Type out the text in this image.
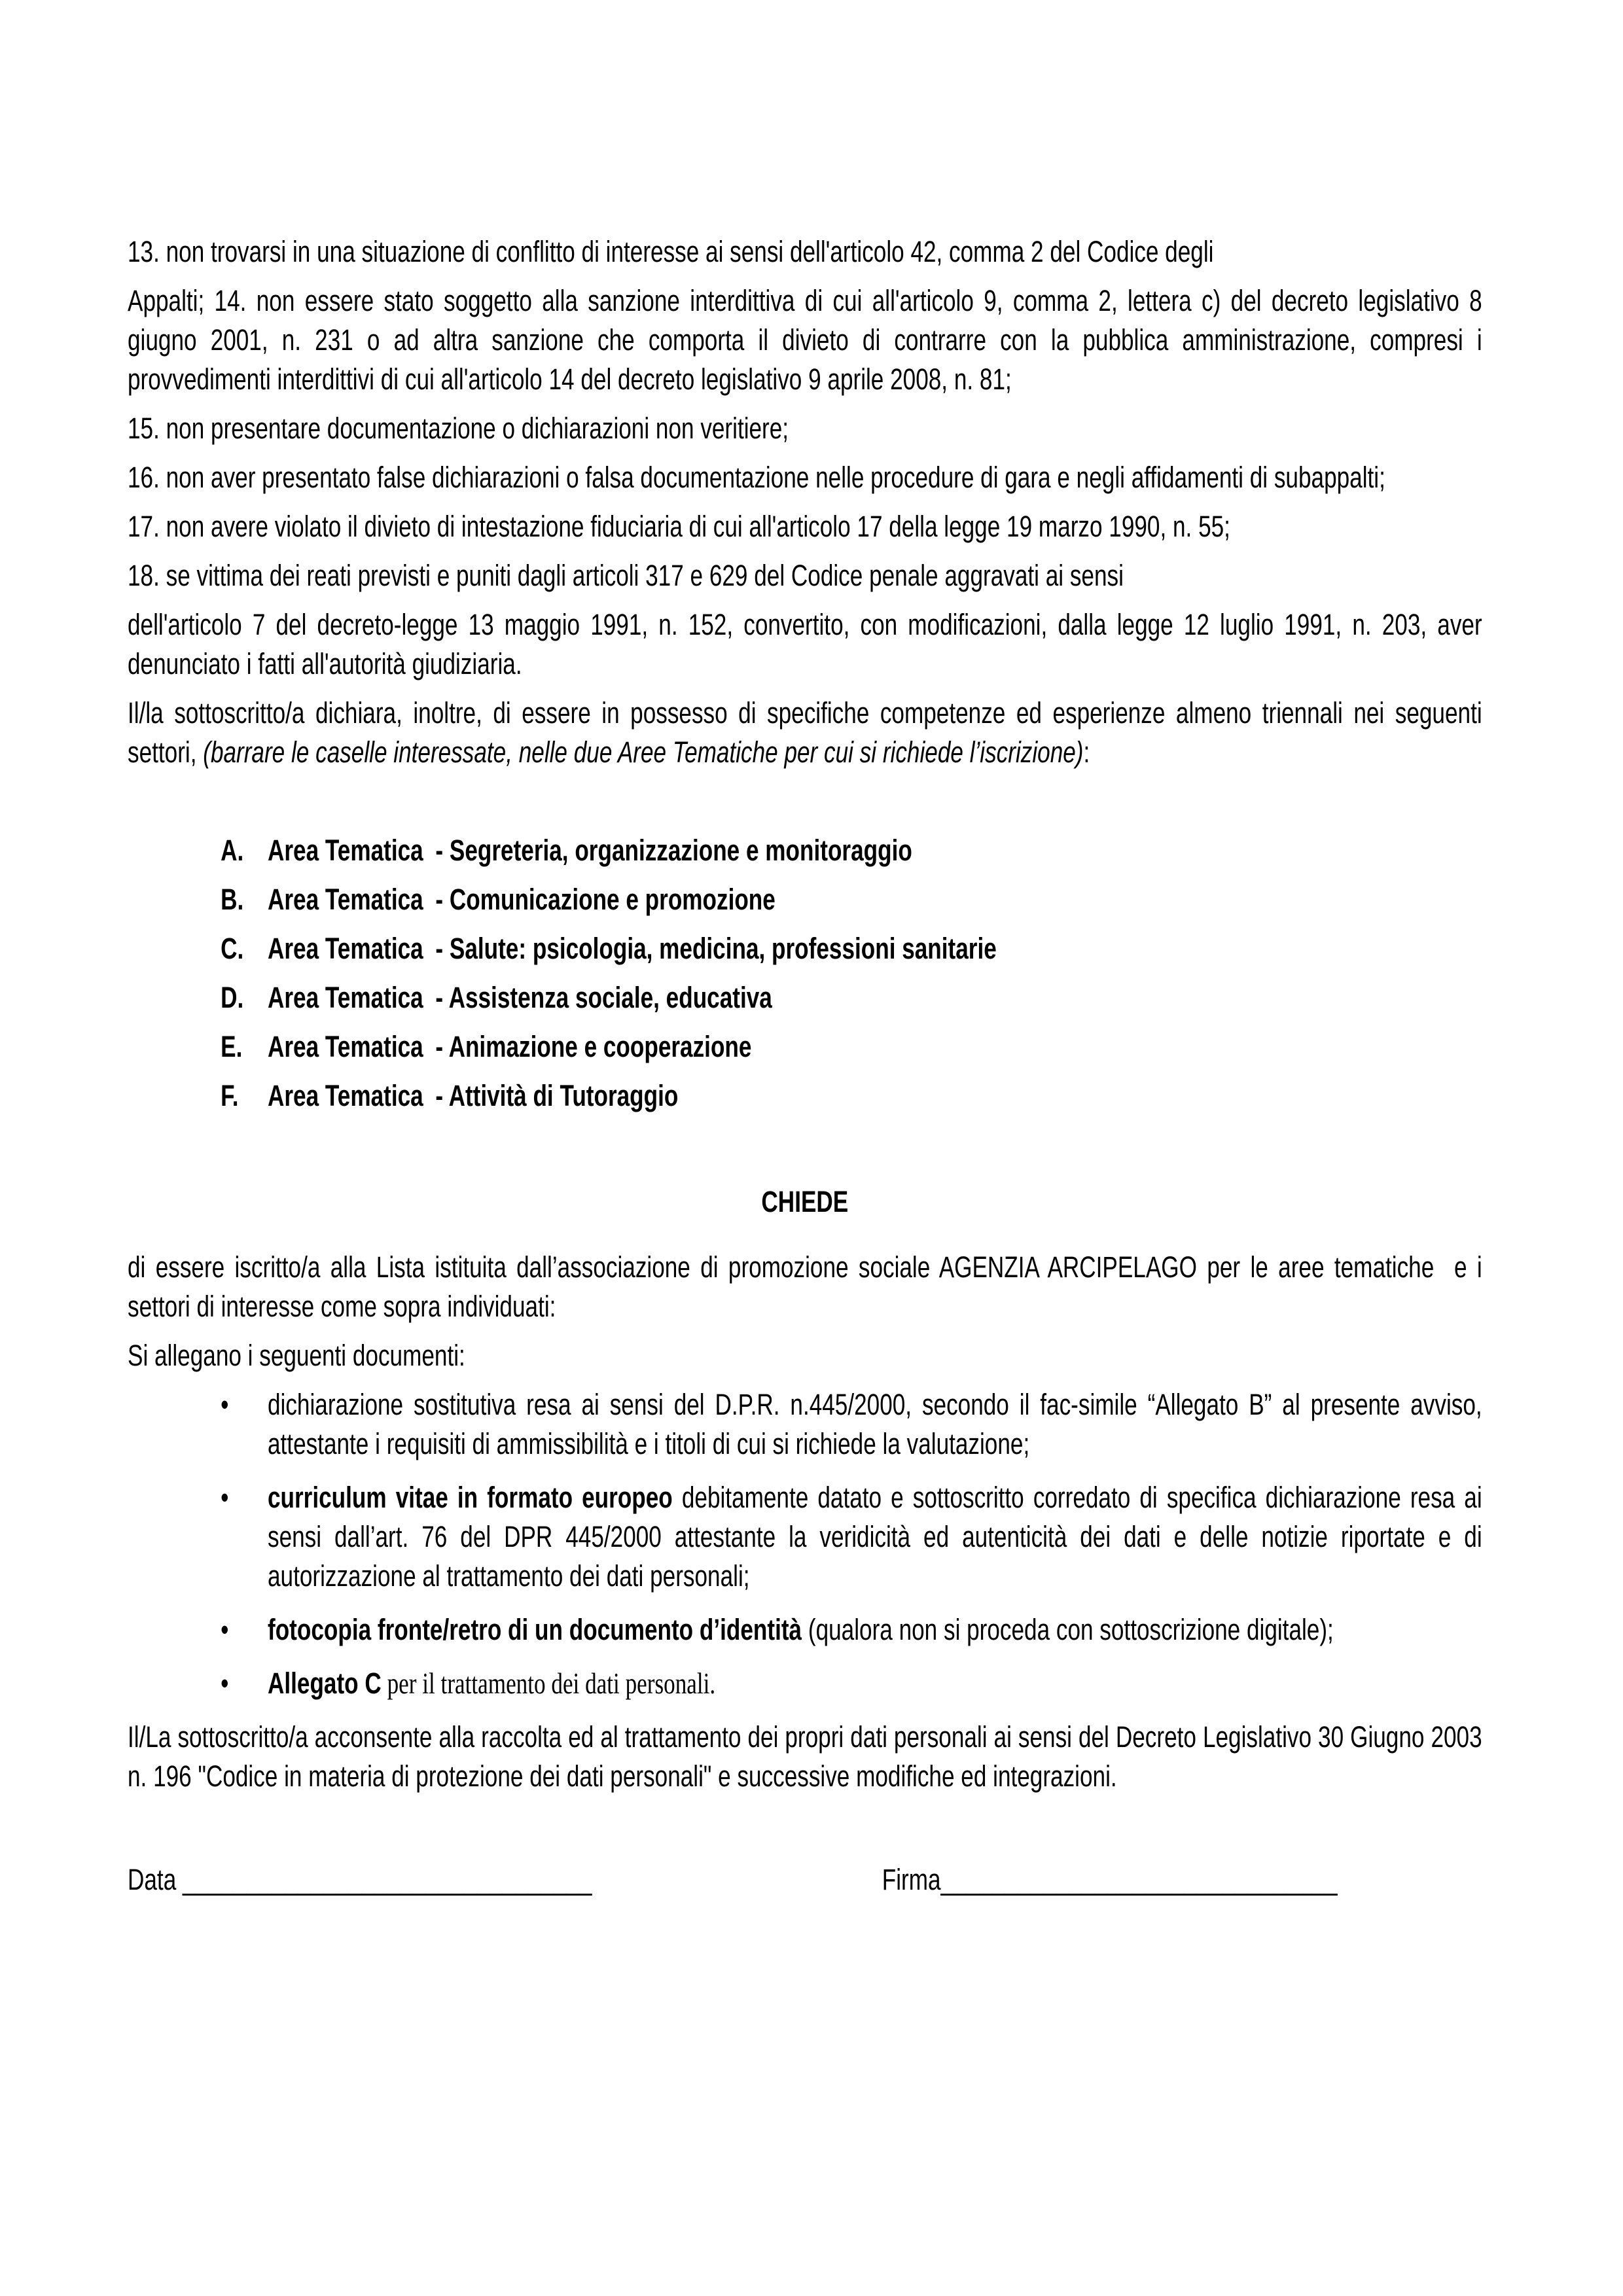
13. non trovarsi in una situazione di conflitto di interesse ai sensi dell'articolo 42, comma 2 del Codice degli

Appalti; 14. non essere stato soggetto alla sanzione interdittiva di cui all'articolo 9, comma 2, lettera c) del decreto legislativo 8 giugno 2001, n. 231 o ad altra sanzione che comporta il divieto di contrarre con la pubblica amministrazione, compresi i provvedimenti interdittivi di cui all'articolo 14 del decreto legislativo 9 aprile 2008, n. 81;

15. non presentare documentazione o dichiarazioni non veritiere;

16. non aver presentato false dichiarazioni o falsa documentazione nelle procedure di gara e negli affidamenti di subappalti;

17. non avere violato il divieto di intestazione fiduciaria di cui all'articolo 17 della legge 19 marzo 1990, n. 55;

18. se vittima dei reati previsti e puniti dagli articoli 317 e 629 del Codice penale aggravati ai sensi

dell'articolo 7 del decreto-legge 13 maggio 1991, n. 152, convertito, con modificazioni, dalla legge 12 luglio 1991, n. 203, aver denunciato i fatti all'autorità giudiziaria.

Il/la sottoscritto/a dichiara, inoltre, di essere in possesso di specifiche competenze ed esperienze almeno triennali nei seguenti settori, (barrare le caselle interessate, nelle due Aree Tematiche per cui si richiede l’iscrizione):

A. Area Tematica - Segreteria, organizzazione e monitoraggio
B. Area Tematica - Comunicazione e promozione
C. Area Tematica - Salute: psicologia, medicina, professioni sanitarie
D. Area Tematica - Assistenza sociale, educativa
E. Area Tematica - Animazione e cooperazione
F. Area Tematica - Attività di Tutoraggio
CHIEDE

di essere iscritto/a alla Lista istituita dall’associazione di promozione sociale AGENZIA ARCIPELAGO per le aree tematiche  e i settori di interesse come sopra individuati:

Si allegano i seguenti documenti:

•	dichiarazione sostitutiva resa ai sensi del D.P.R. n.445/2000, secondo il fac-simile “Allegato B” al presente avviso, attestante i requisiti di ammissibilità e i titoli di cui si richiede la valutazione;
•	curriculum vitae in formato europeo debitamente datato e sottoscritto corredato di specifica dichiarazione resa ai sensi dall’art. 76 del DPR 445/2000 attestante la veridicità ed autenticità dei dati e delle notizie riportate e di autorizzazione al trattamento dei dati personali;
•	fotocopia fronte/retro di un documento d’identità (qualora non si proceda con sottoscrizione digitale);
•	Allegato C per il trattamento dei dati personali.

Il/La sottoscritto/a acconsente alla raccolta ed al trattamento dei propri dati personali ai sensi del Decreto Legislativo 30 Giugno 2003 n. 196 "Codice in materia di protezione dei dati personali" e successive modifiche ed integrazioni.

Data ________________________________	Firma_______________________________
